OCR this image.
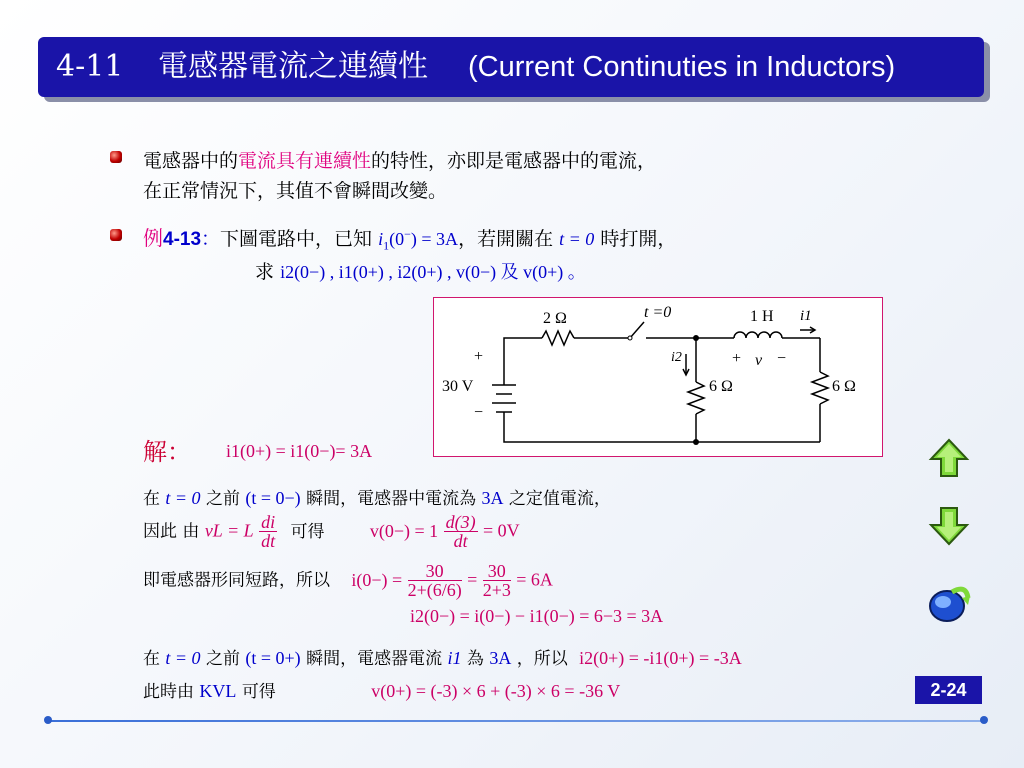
4-11 電感器電流之連續性 (Current Continuties in Inductors)
電感器中的電流具有連續性的特性，亦即是電感器中的電流，
在正常情況下，其值不會瞬間改變。
例4-13：下圖電路中，已知 $i_1(0^-) = 3A$，若開關在 t = 0 時打開，
求 i2(0−) , i1(0+) , i2(0+) , v(0−) 及 v(0+) 。
2 Ω	t =0	1 H i1
i2	+ v −
+
30 V
−
6 Ω	6 Ω
解： i1(0+) = i1(0−)= 3A
在 t = 0 之前 (t = 0−) 瞬間，電感器中電流為 3A 之定值電流，
因此 由 vL = L $\frac{di}{dt}$ 可得	$v(0-) = 1 \frac{d(3)}{dt} = 0V$
即電感器形同短路，所以 $i(0-) = \frac{30}{2+(6/6)} = \frac{30}{2+3} = 6A$
i2(0−) = i(0−) − i1(0−) = 6−3 = 3A
在 t = 0 之前 (t = 0+) 瞬間，電感器電流 i1 為 3A ，所以 i2(0+) = -i1(0+) = -3A
此時由 KVL 可得	v(0+) = (-3) × 6 + (-3) × 6 = -36 V	2-24
